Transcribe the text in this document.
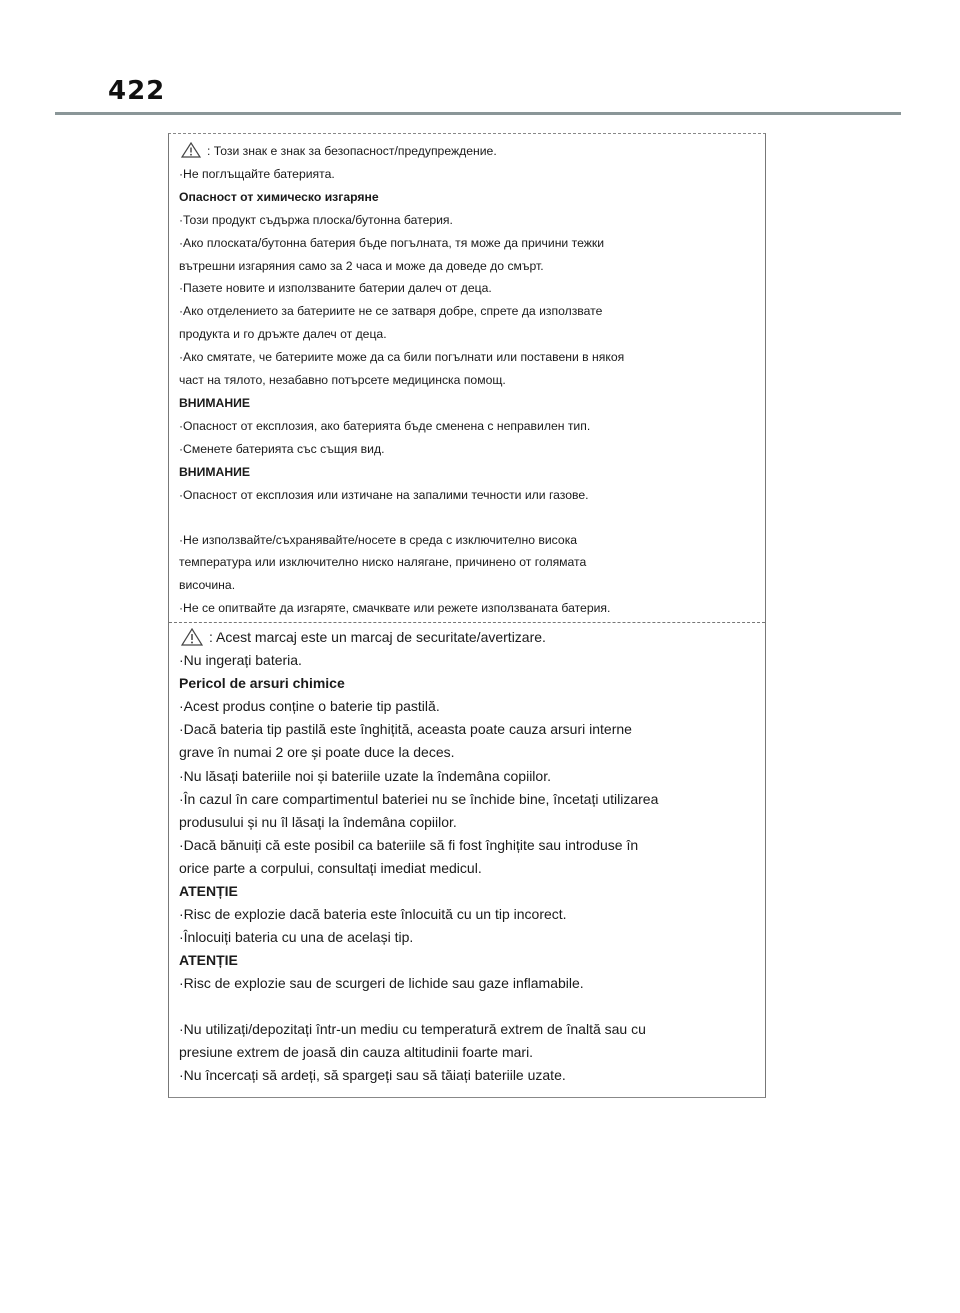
422
: Този знак е знак за безопасност/предупреждение.
·Не поглъщайте батерията.
Опасност от химическо изгаряне
·Този продукт съдържа плоска/бутонна батерия.
·Ако плоската/бутонна батерия бъде погълната, тя може да причини тежки
вътрешни изгаряния само за 2 часа и може да доведе до смърт.
·Пазете новите и използваните батерии далеч от деца.
·Ако отделението за батериите не се затваря добре, спрете да използвате
продукта и го дръжте далеч от деца.
·Ако смятате, че батериите може да са били погълнати или поставени в някоя
част на тялото, незабавно потърсете медицинска помощ.
ВНИМАНИЕ
·Опасност от експлозия, ако батерията бъде сменена с неправилен тип.
·Сменете батерията със същия вид.
ВНИМАНИЕ
·Опасност от експлозия или изтичане на запалими течности или газове.
·Не използвайте/съхранявайте/носете в среда с изключително висока
температура или изключително ниско налягане, причинено от голямата
височина.
·Не се опитвайте да изгаряте, смачквате или режете използваната батерия.
: Acest marcaj este un marcaj de securitate/avertizare.
·Nu ingerați bateria.
Pericol de arsuri chimice
·Acest produs conține o baterie tip pastilă.
·Dacă bateria tip pastilă este înghițită, aceasta poate cauza arsuri interne
grave în numai 2 ore și poate duce la deces.
·Nu lăsați bateriile noi și bateriile uzate la îndemâna copiilor.
·În cazul în care compartimentul bateriei nu se închide bine, încetați utilizarea
produsului și nu îl lăsați la îndemâna copiilor.
·Dacă bănuiți că este posibil ca bateriile să fi fost înghițite sau introduse în
orice parte a corpului, consultați imediat medicul.
ATENȚIE
·Risc de explozie dacă bateria este înlocuită cu un tip incorect.
·Înlocuiți bateria cu una de același tip.
ATENȚIE
·Risc de explozie sau de scurgeri de lichide sau gaze inflamabile.
·Nu utilizați/depozitați într-un mediu cu temperatură extrem de înaltă sau cu
presiune extrem de joasă din cauza altitudinii foarte mari.
·Nu încercați să ardeți, să spargeți sau să tăiați bateriile uzate.
